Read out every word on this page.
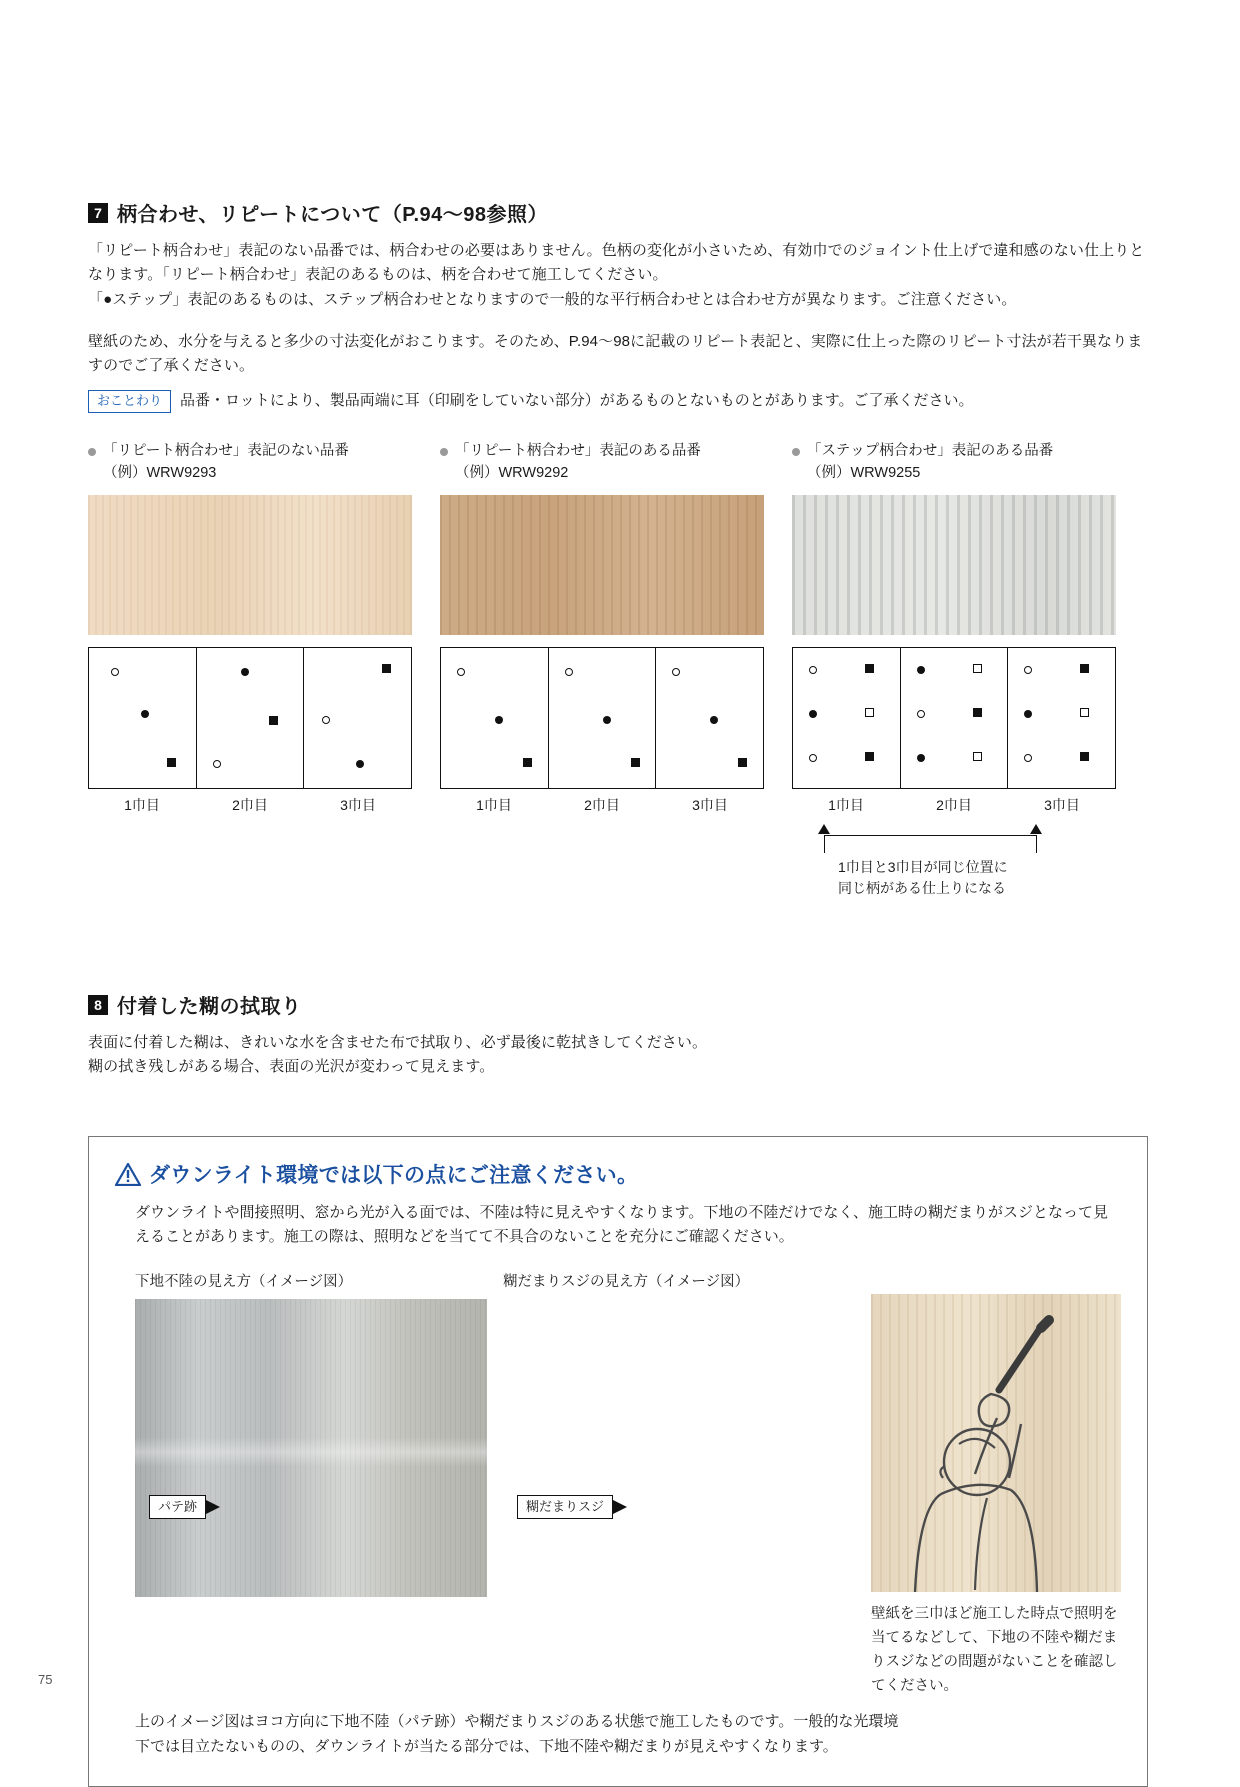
7 柄合わせ、リピートについて（P.94〜98参照）
「リピート柄合わせ」表記のない品番では、柄合わせの必要はありません。色柄の変化が小さいため、有効巾でのジョイント仕上げで違和感のない仕上りとなります。「リピート柄合わせ」表記のあるものは、柄を合わせて施工してください。
「●ステップ」表記のあるものは、ステップ柄合わせとなりますので一般的な平行柄合わせとは合わせ方が異なります。ご注意ください。
壁紙のため、水分を与えると多少の寸法変化がおこります。そのため、P.94〜98に記載のリピート表記と、実際に仕上った際のリピート寸法が若干異なりますのでご了承ください。
おことわり	品番・ロットにより、製品両端に耳（印刷をしていない部分）があるものとないものとがあります。ご了承ください。
「リピート柄合わせ」表記のない品番
（例）WRW9293
1巾目	2巾目	3巾目
「リピート柄合わせ」表記のある品番
（例）WRW9292
1巾目	2巾目	3巾目
「ステップ柄合わせ」表記のある品番
（例）WRW9255
1巾目	2巾目	3巾目
1巾目と3巾目が同じ位置に
同じ柄がある仕上りになる
8 付着した糊の拭取り
表面に付着した糊は、きれいな水を含ませた布で拭取り、必ず最後に乾拭きしてください。
糊の拭き残しがある場合、表面の光沢が変わって見えます。
ダウンライト環境では以下の点にご注意ください。
ダウンライトや間接照明、窓から光が入る面では、不陸は特に見えやすくなります。下地の不陸だけでなく、施工時の糊だまりがスジとなって見えることがあります。施工の際は、照明などを当てて不具合のないことを充分にご確認ください。
下地不陸の見え方（イメージ図）
パテ跡
糊だまりスジの見え方（イメージ図）
糊だまりスジ
壁紙を三巾ほど施工した時点で照明を当てるなどして、下地の不陸や糊だまりスジなどの問題がないことを確認してください。
上のイメージ図はヨコ方向に下地不陸（パテ跡）や糊だまりスジのある状態で施工したものです。一般的な光環境下では目立たないものの、ダウンライトが当たる部分では、下地不陸や糊だまりが見えやすくなります。
75
